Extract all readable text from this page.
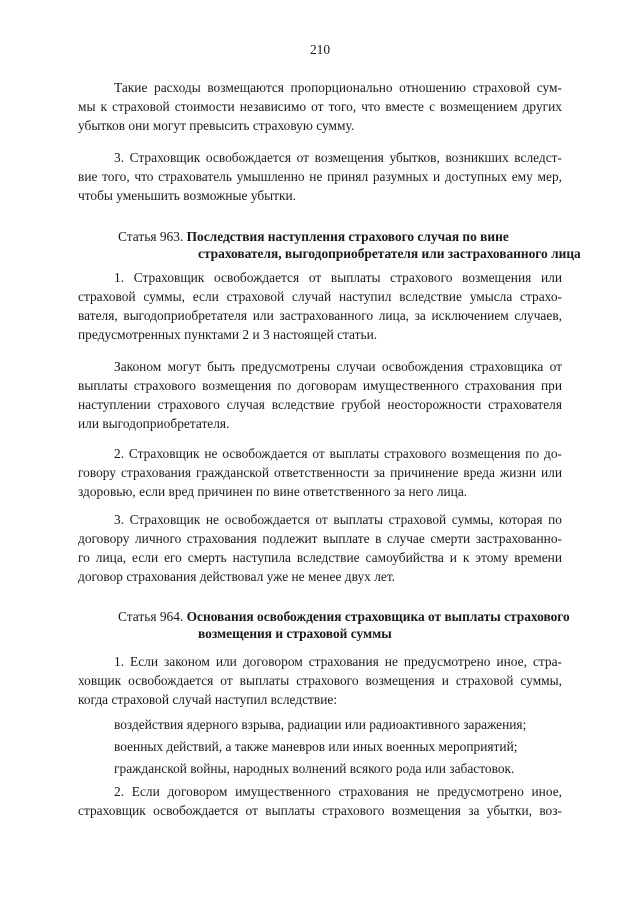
210
Такие расходы возмещаются пропорционально отношению страховой сум-
мы к страховой стоимости независимо от того, что вместе с возмещением других
убытков они могут превысить страховую сумму.
3. Страховщик освобождается от возмещения убытков, возникших вследст-
вие того, что страхователь умышленно не принял разумных и доступных ему мер,
чтобы уменьшить возможные убытки.
Статья 963. Последствия наступления страхового случая по вине
страхователя, выгодоприобретателя или застрахованного лица
1. Страховщик освобождается от выплаты страхового возмещения или
страховой суммы, если страховой случай наступил вследствие умысла страхо-
вателя, выгодоприобретателя или застрахованного лица, за исключением случаев,
предусмотренных пунктами 2 и 3 настоящей статьи.
Законом могут быть предусмотрены случаи освобождения страховщика от
выплаты страхового возмещения по договорам имущественного страхования при
наступлении страхового случая вследствие грубой неосторожности страхователя
или выгодоприобретателя.
2. Страховщик не освобождается от выплаты страхового возмещения по до-
говору страхования гражданской ответственности за причинение вреда жизни или
здоровью, если вред причинен по вине ответственного за него лица.
3. Страховщик не освобождается от выплаты страховой суммы, которая по
договору личного страхования подлежит выплате в случае смерти застрахованно-
го лица, если его смерть наступила вследствие самоубийства и к этому времени
договор страхования действовал уже не менее двух лет.
Статья 964. Основания освобождения страховщика от выплаты страхового
возмещения и страховой суммы
1. Если законом или договором страхования не предусмотрено иное, стра-
ховщик освобождается от выплаты страхового возмещения и страховой суммы,
когда страховой случай наступил вследствие:
воздействия ядерного взрыва, радиации или радиоактивного заражения;
военных действий, а также маневров или иных военных мероприятий;
гражданской войны, народных волнений всякого рода или забастовок.
2. Если договором имущественного страхования не предусмотрено иное,
страховщик освобождается от выплаты страхового возмещения за убытки, воз-
